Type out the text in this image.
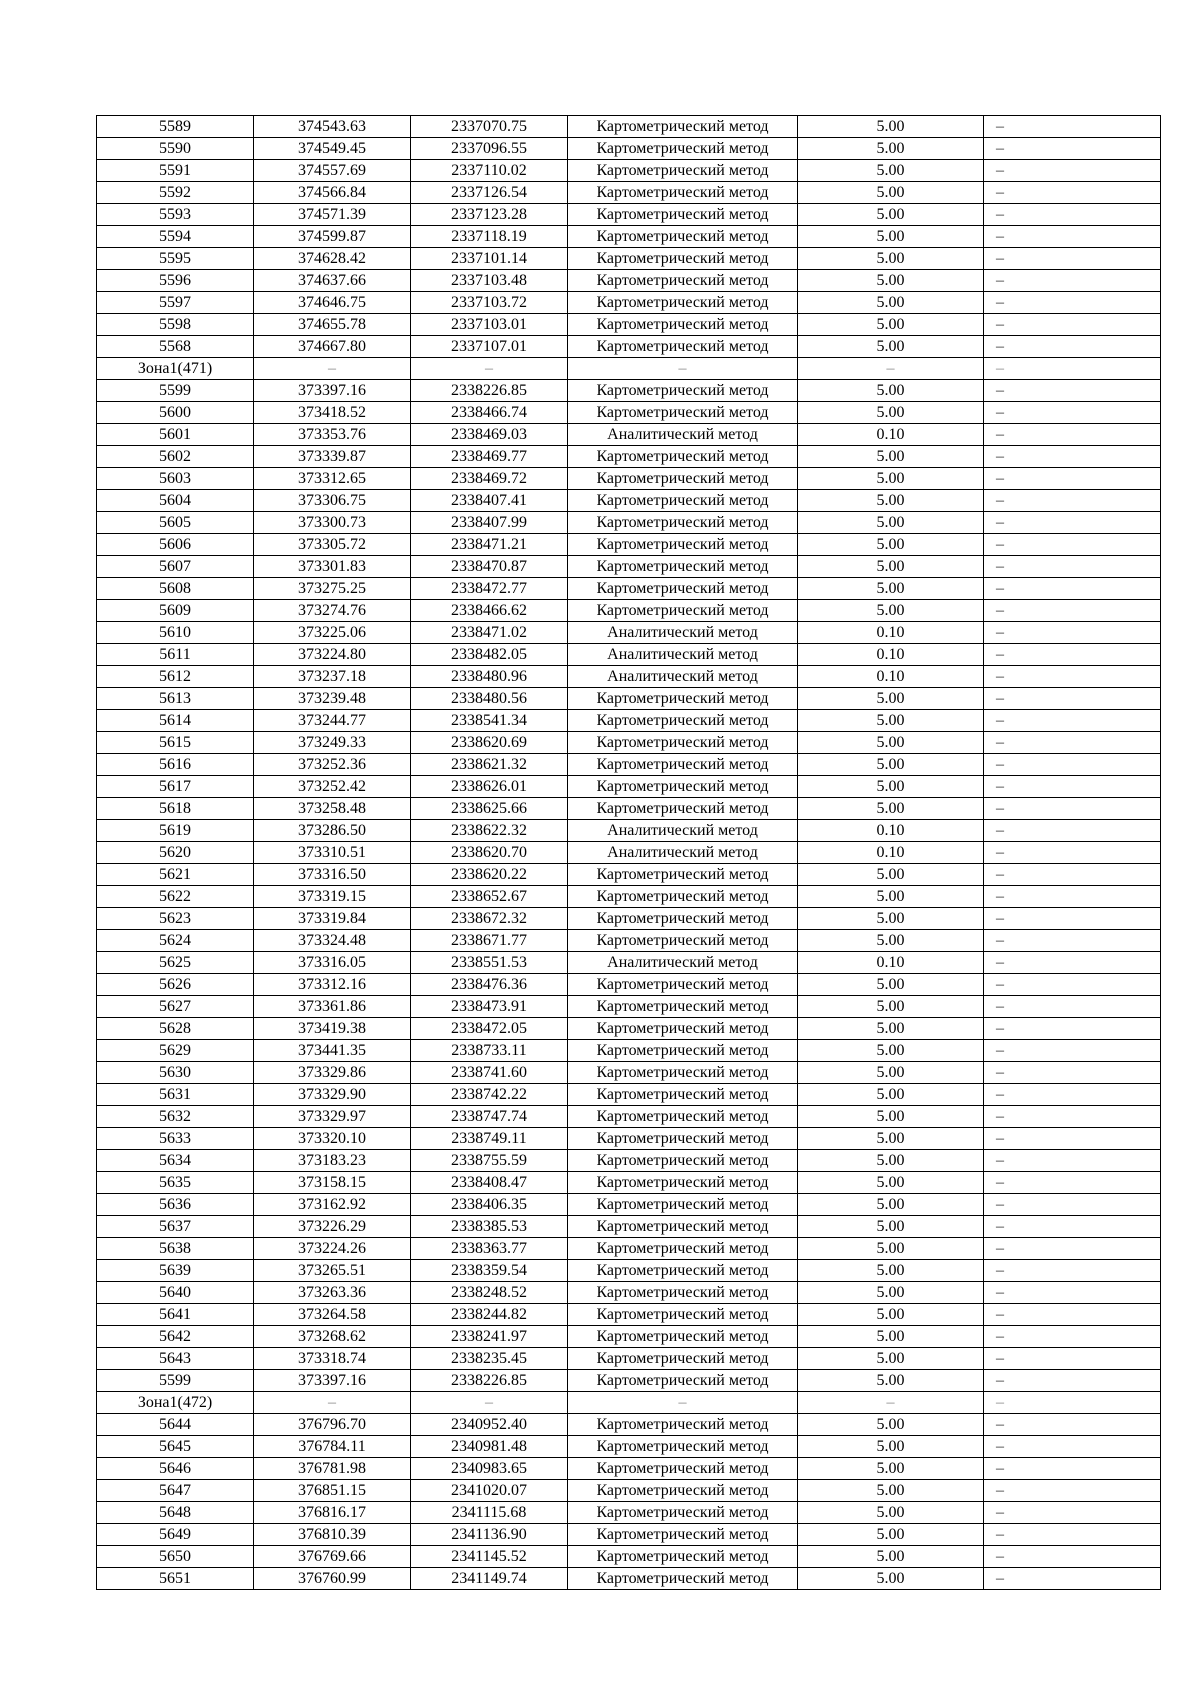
5589	374543.63	2337070.75	Картометрический метод	5.00	–
5590	374549.45	2337096.55	Картометрический метод	5.00	–
5591	374557.69	2337110.02	Картометрический метод	5.00	–
5592	374566.84	2337126.54	Картометрический метод	5.00	–
5593	374571.39	2337123.28	Картометрический метод	5.00	–
5594	374599.87	2337118.19	Картометрический метод	5.00	–
5595	374628.42	2337101.14	Картометрический метод	5.00	–
5596	374637.66	2337103.48	Картометрический метод	5.00	–
5597	374646.75	2337103.72	Картометрический метод	5.00	–
5598	374655.78	2337103.01	Картометрический метод	5.00	–
5568	374667.80	2337107.01	Картометрический метод	5.00	–
Зона1(471)	–	–	–	–	–
5599	373397.16	2338226.85	Картометрический метод	5.00	–
5600	373418.52	2338466.74	Картометрический метод	5.00	–
5601	373353.76	2338469.03	Аналитический метод	0.10	–
5602	373339.87	2338469.77	Картометрический метод	5.00	–
5603	373312.65	2338469.72	Картометрический метод	5.00	–
5604	373306.75	2338407.41	Картометрический метод	5.00	–
5605	373300.73	2338407.99	Картометрический метод	5.00	–
5606	373305.72	2338471.21	Картометрический метод	5.00	–
5607	373301.83	2338470.87	Картометрический метод	5.00	–
5608	373275.25	2338472.77	Картометрический метод	5.00	–
5609	373274.76	2338466.62	Картометрический метод	5.00	–
5610	373225.06	2338471.02	Аналитический метод	0.10	–
5611	373224.80	2338482.05	Аналитический метод	0.10	–
5612	373237.18	2338480.96	Аналитический метод	0.10	–
5613	373239.48	2338480.56	Картометрический метод	5.00	–
5614	373244.77	2338541.34	Картометрический метод	5.00	–
5615	373249.33	2338620.69	Картометрический метод	5.00	–
5616	373252.36	2338621.32	Картометрический метод	5.00	–
5617	373252.42	2338626.01	Картометрический метод	5.00	–
5618	373258.48	2338625.66	Картометрический метод	5.00	–
5619	373286.50	2338622.32	Аналитический метод	0.10	–
5620	373310.51	2338620.70	Аналитический метод	0.10	–
5621	373316.50	2338620.22	Картометрический метод	5.00	–
5622	373319.15	2338652.67	Картометрический метод	5.00	–
5623	373319.84	2338672.32	Картометрический метод	5.00	–
5624	373324.48	2338671.77	Картометрический метод	5.00	–
5625	373316.05	2338551.53	Аналитический метод	0.10	–
5626	373312.16	2338476.36	Картометрический метод	5.00	–
5627	373361.86	2338473.91	Картометрический метод	5.00	–
5628	373419.38	2338472.05	Картометрический метод	5.00	–
5629	373441.35	2338733.11	Картометрический метод	5.00	–
5630	373329.86	2338741.60	Картометрический метод	5.00	–
5631	373329.90	2338742.22	Картометрический метод	5.00	–
5632	373329.97	2338747.74	Картометрический метод	5.00	–
5633	373320.10	2338749.11	Картометрический метод	5.00	–
5634	373183.23	2338755.59	Картометрический метод	5.00	–
5635	373158.15	2338408.47	Картометрический метод	5.00	–
5636	373162.92	2338406.35	Картометрический метод	5.00	–
5637	373226.29	2338385.53	Картометрический метод	5.00	–
5638	373224.26	2338363.77	Картометрический метод	5.00	–
5639	373265.51	2338359.54	Картометрический метод	5.00	–
5640	373263.36	2338248.52	Картометрический метод	5.00	–
5641	373264.58	2338244.82	Картометрический метод	5.00	–
5642	373268.62	2338241.97	Картометрический метод	5.00	–
5643	373318.74	2338235.45	Картометрический метод	5.00	–
5599	373397.16	2338226.85	Картометрический метод	5.00	–
Зона1(472)	–	–	–	–	–
5644	376796.70	2340952.40	Картометрический метод	5.00	–
5645	376784.11	2340981.48	Картометрический метод	5.00	–
5646	376781.98	2340983.65	Картометрический метод	5.00	–
5647	376851.15	2341020.07	Картометрический метод	5.00	–
5648	376816.17	2341115.68	Картометрический метод	5.00	–
5649	376810.39	2341136.90	Картометрический метод	5.00	–
5650	376769.66	2341145.52	Картометрический метод	5.00	–
5651	376760.99	2341149.74	Картометрический метод	5.00	–
